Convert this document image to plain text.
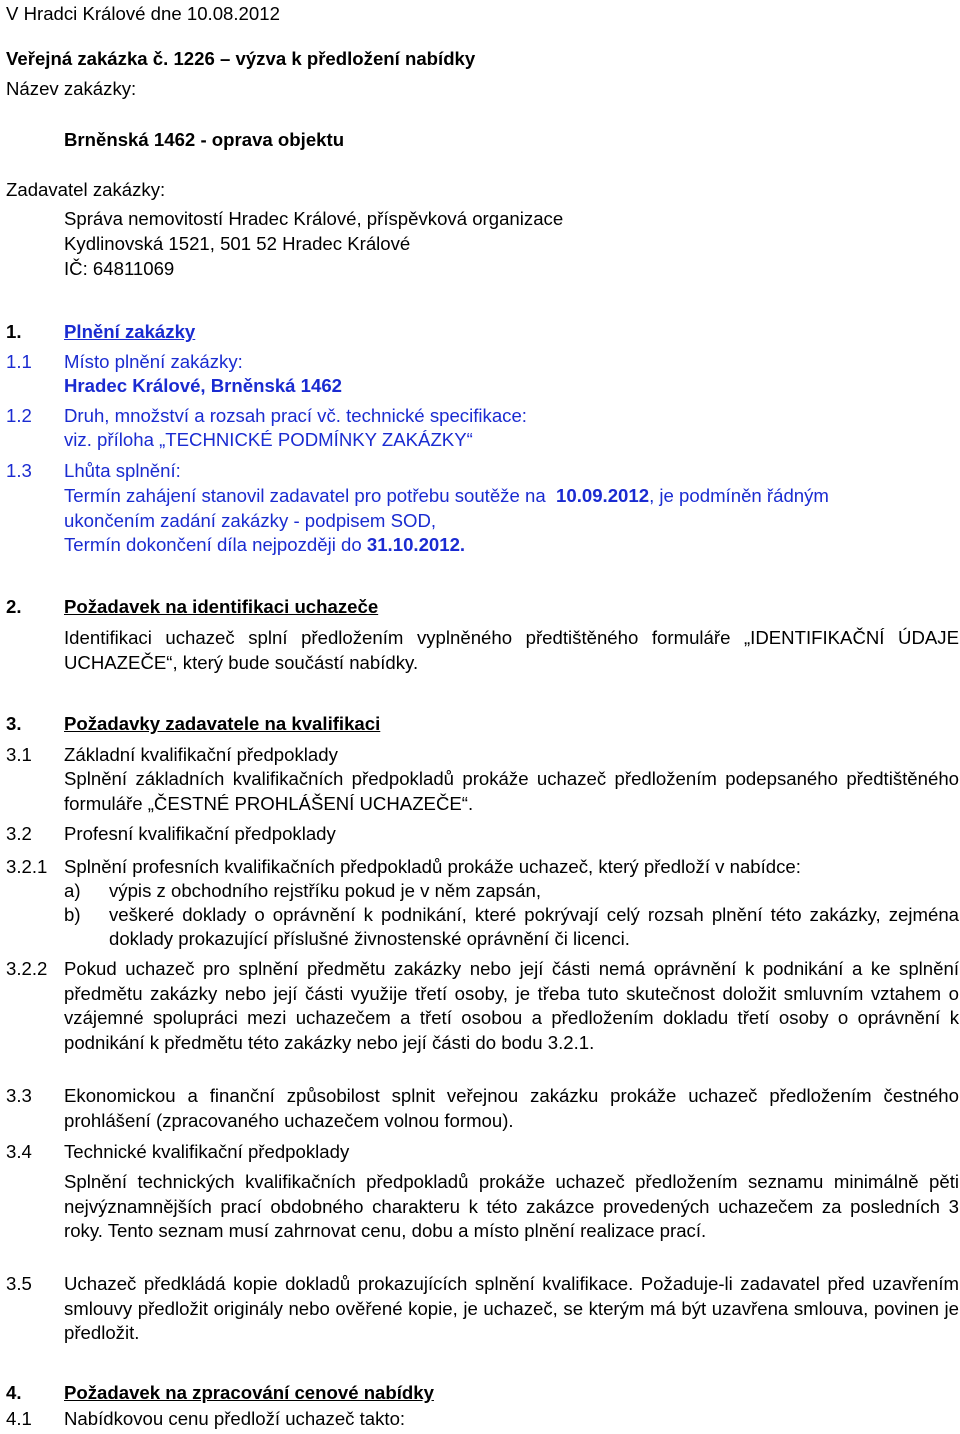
V Hradci Králové dne 10.08.2012
Veřejná zakázka č. 1226 – výzva k předložení nabídky
Název zakázky:
Brněnská 1462 - oprava objektu
Zadavatel zakázky:
Správa nemovitostí Hradec Králové, příspěvková organizace
Kydlinovská 1521, 501 52 Hradec Králové
IČ: 64811069
1. Plnění zakázky
1.1 Místo plnění zakázky:
Hradec Králové, Brněnská 1462
1.2 Druh, množství a rozsah prací vč. technické specifikace:
viz. příloha „TECHNICKÉ PODMÍNKY ZAKÁZKY“
1.3 Lhůta splnění:
Termín zahájení stanovil zadavatel pro potřebu soutěže na 10.09.2012, je podmíněn řádným
ukončením zadání zakázky - podpisem SOD,
Termín dokončení díla nejpozději do 31.10.2012.
2. Požadavek na identifikaci uchazeče
Identifikaci uchazeč splní předložením vyplněného předtištěného formuláře „IDENTIFIKAČNÍ ÚDAJE UCHAZEČE“, který bude součástí nabídky.
3. Požadavky zadavatele na kvalifikaci
3.1 Základní kvalifikační předpoklady
Splnění základních kvalifikačních předpokladů prokáže uchazeč předložením podepsaného předtištěného formuláře „ČESTNÉ PROHLÁŠENÍ UCHAZEČE“.
3.2 Profesní kvalifikační předpoklady
3.2.1 Splnění profesních kvalifikačních předpokladů prokáže uchazeč, který předloží v nabídce:
a) výpis z obchodního rejstříku pokud je v něm zapsán,
b) veškeré doklady o oprávnění k podnikání, které pokrývají celý rozsah plnění této zakázky, zejména doklady prokazující příslušné živnostenské oprávnění či licenci.
3.2.2 Pokud uchazeč pro splnění předmětu zakázky nebo její části nemá oprávnění k podnikání a ke splnění předmětu zakázky nebo její části využije třetí osoby, je třeba tuto skutečnost doložit smluvním vztahem o vzájemné spolupráci mezi uchazečem a třetí osobou a předložením dokladu třetí osoby o oprávnění k podnikání k předmětu této zakázky nebo její části do bodu 3.2.1.
3.3 Ekonomickou a finanční způsobilost splnit veřejnou zakázku prokáže uchazeč předložením čestného prohlášení (zpracovaného uchazečem volnou formou).
3.4 Technické kvalifikační předpoklady
Splnění technických kvalifikačních předpokladů prokáže uchazeč předložením seznamu minimálně pěti nejvýznamnějších prací obdobného charakteru k této zakázce provedených uchazečem za posledních 3 roky. Tento seznam musí zahrnovat cenu, dobu a místo plnění realizace prací.
3.5 Uchazeč předkládá kopie dokladů prokazujících splnění kvalifikace. Požaduje-li zadavatel před uzavřením smlouvy předložit originály nebo ověřené kopie, je uchazeč, se kterým má být uzavřena smlouva, povinen je předložit.
4. Požadavek na zpracování cenové nabídky
4.1 Nabídkovou cenu předloží uchazeč takto:
